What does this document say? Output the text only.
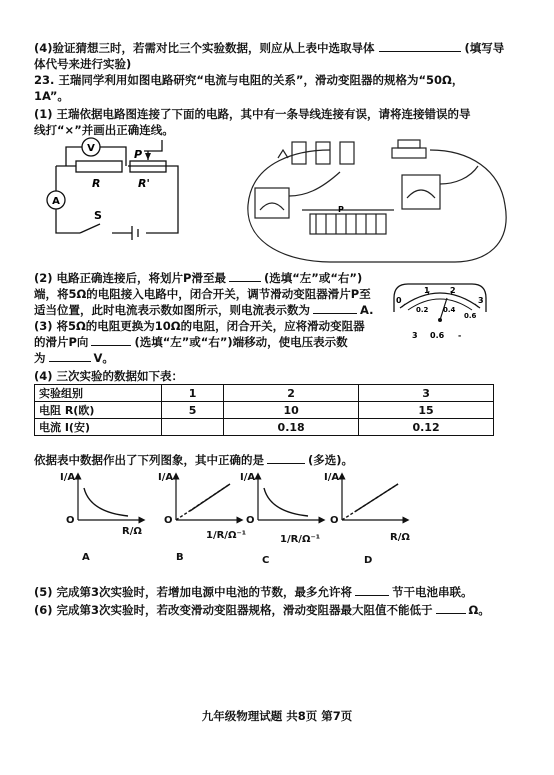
(4)验证猜想三时，若需对比三个实验数据，则应从上表中选取导体	(填写导
体代号来进行实验)
23. 王瑞同学利用如图电路研究“电流与电阻的关系”，滑动变阻器的规格为“50Ω，
1A”。
(1) 王瑞依据电路图连接了下面的电路，其中有一条导线连接有误，请将连接错误的导
线打“×”并画出正确连线。
V
A
P
R	R'
S	P
0
1	2
3
0.2 0.4
0.6
3 0.6 -
(2) 电路正确连接后，将划片P滑至最	(选填“左”或“右”)
端，将5Ω的电阻接入电路中，闭合开关，调节滑动变阻器滑片P至
适当位置，此时电流表示数如图所示，则电流表示数为	A.
(3) 将5Ω的电阻更换为10Ω的电阻，闭合开关，应将滑动变阻器
的滑片P向	(选填“左”或“右”)端移动，使电压表示数
为	V。
(4) 三次实验的数据如下表：
实验组别	1	2	3
电阻 R(欧)	5	10	15
电流 I(安)		0.18	0.12
依据表中数据作出了下列图象，其中正确的是	(多选)。
I/A
O
R/Ω
A
I/A
O
1/R/Ω⁻¹
B
I/A
O
1/R/Ω⁻¹
C
I/A
O
R/Ω
D
(5) 完成第3次实验时，若增加电源中电池的节数，最多允许将	节干电池串联。
(6) 完成第3次实验时，若改变滑动变阻器规格，滑动变阻器最大阻值不能低于	Ω。
九年级物理试题 共8页 第7页
